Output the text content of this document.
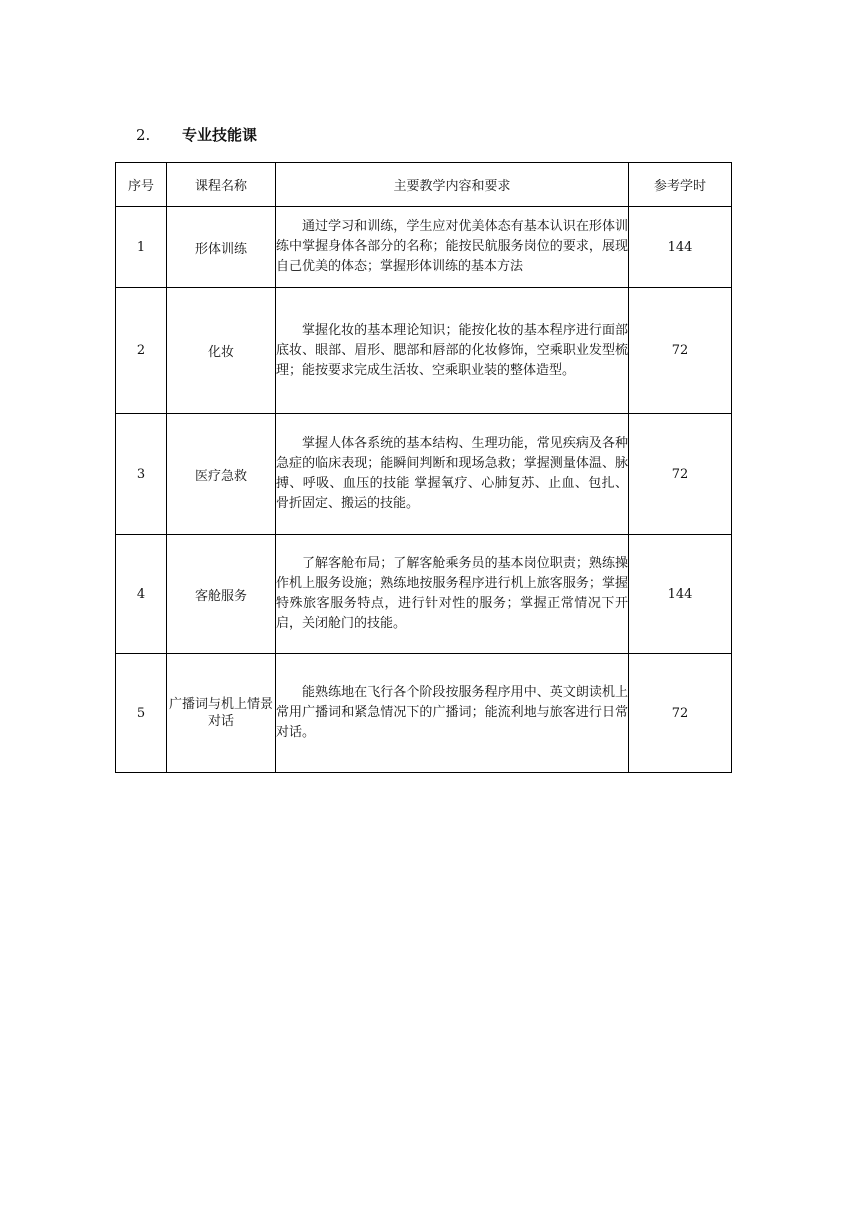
2.	专业技能课
序号	课程名称	主要教学内容和要求	参考学时
1	形体训练	通过学习和训练，学生应对优美体态有基本认识在形体训练中掌握身体各部分的名称；能按民航服务岗位的要求，展现自己优美的体态；掌握形体训练的基本方法	144
2	化妆	掌握化妆的基本理论知识；能按化妆的基本程序进行面部底妆、眼部、眉形、腮部和唇部的化妆修饰，空乘职业发型梳理；能按要求完成生活妆、空乘职业装的整体造型。	72
3	医疗急救	掌握人体各系统的基本结构、生理功能，常见疾病及各种急症的临床表现；能瞬间判断和现场急救；掌握测量体温、脉搏、呼吸、血压的技能 掌握氧疗、心肺复苏、止血、包扎、骨折固定、搬运的技能。	72
4	客舱服务	了解客舱布局；了解客舱乘务员的基本岗位职责；熟练操作机上服务设施；熟练地按服务程序进行机上旅客服务；掌握特殊旅客服务特点，进行针对性的服务；掌握正常情况下开启，关闭舱门的技能。	144
5	广播词与机上情景对话	能熟练地在飞行各个阶段按服务程序用中、英文朗读机上常用广播词和紧急情况下的广播词；能流利地与旅客进行日常对话。	72
